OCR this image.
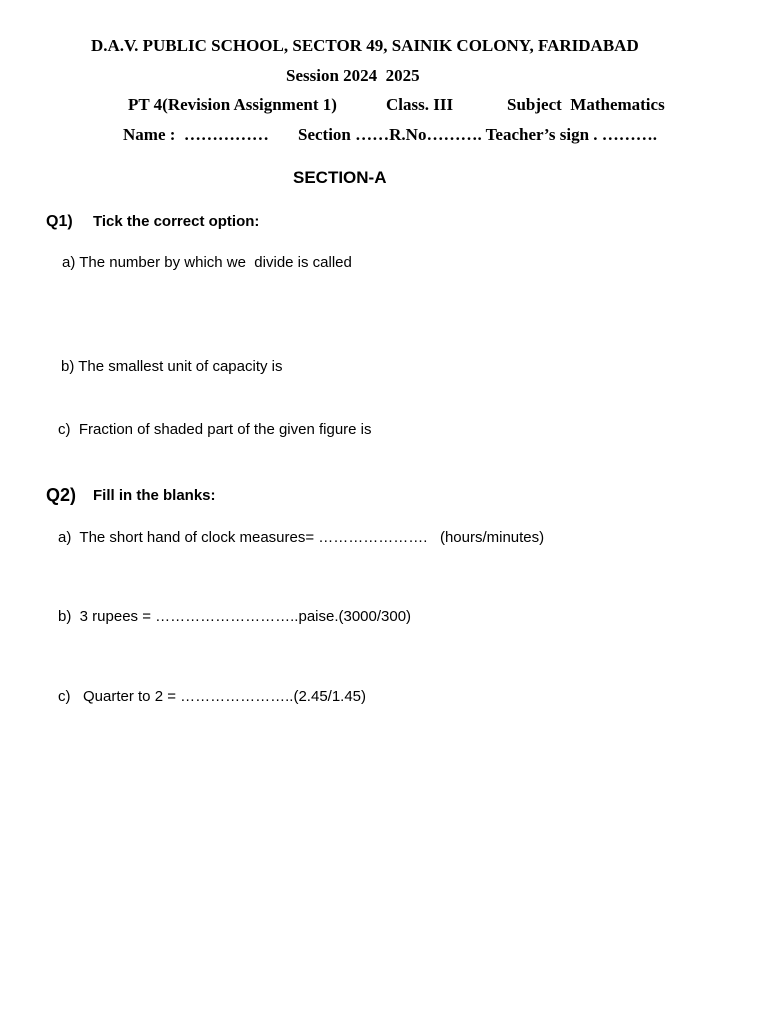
D.A.V. PUBLIC SCHOOL, SECTOR 49, SAINIK COLONY, FARIDABAD
Session 2024  2025
PT 4(Revision Assignment 1)	Class. III	Subject  Mathematics
Name :  …………… Section ……R.No………. Teacher’s sign . ……….
SECTION-A
Q1) Tick the correct option:
a) The number by which we  divide is called
b) The smallest unit of capacity is
c)  Fraction of shaded part of the given figure is
Q2) Fill in the blanks:
a)  The short hand of clock measures= ………………….   (hours/minutes)
b)  3 rupees = ………………………..paise.(3000/300)
c)   Quarter to 2 = …………………..(2.45/1.45)
